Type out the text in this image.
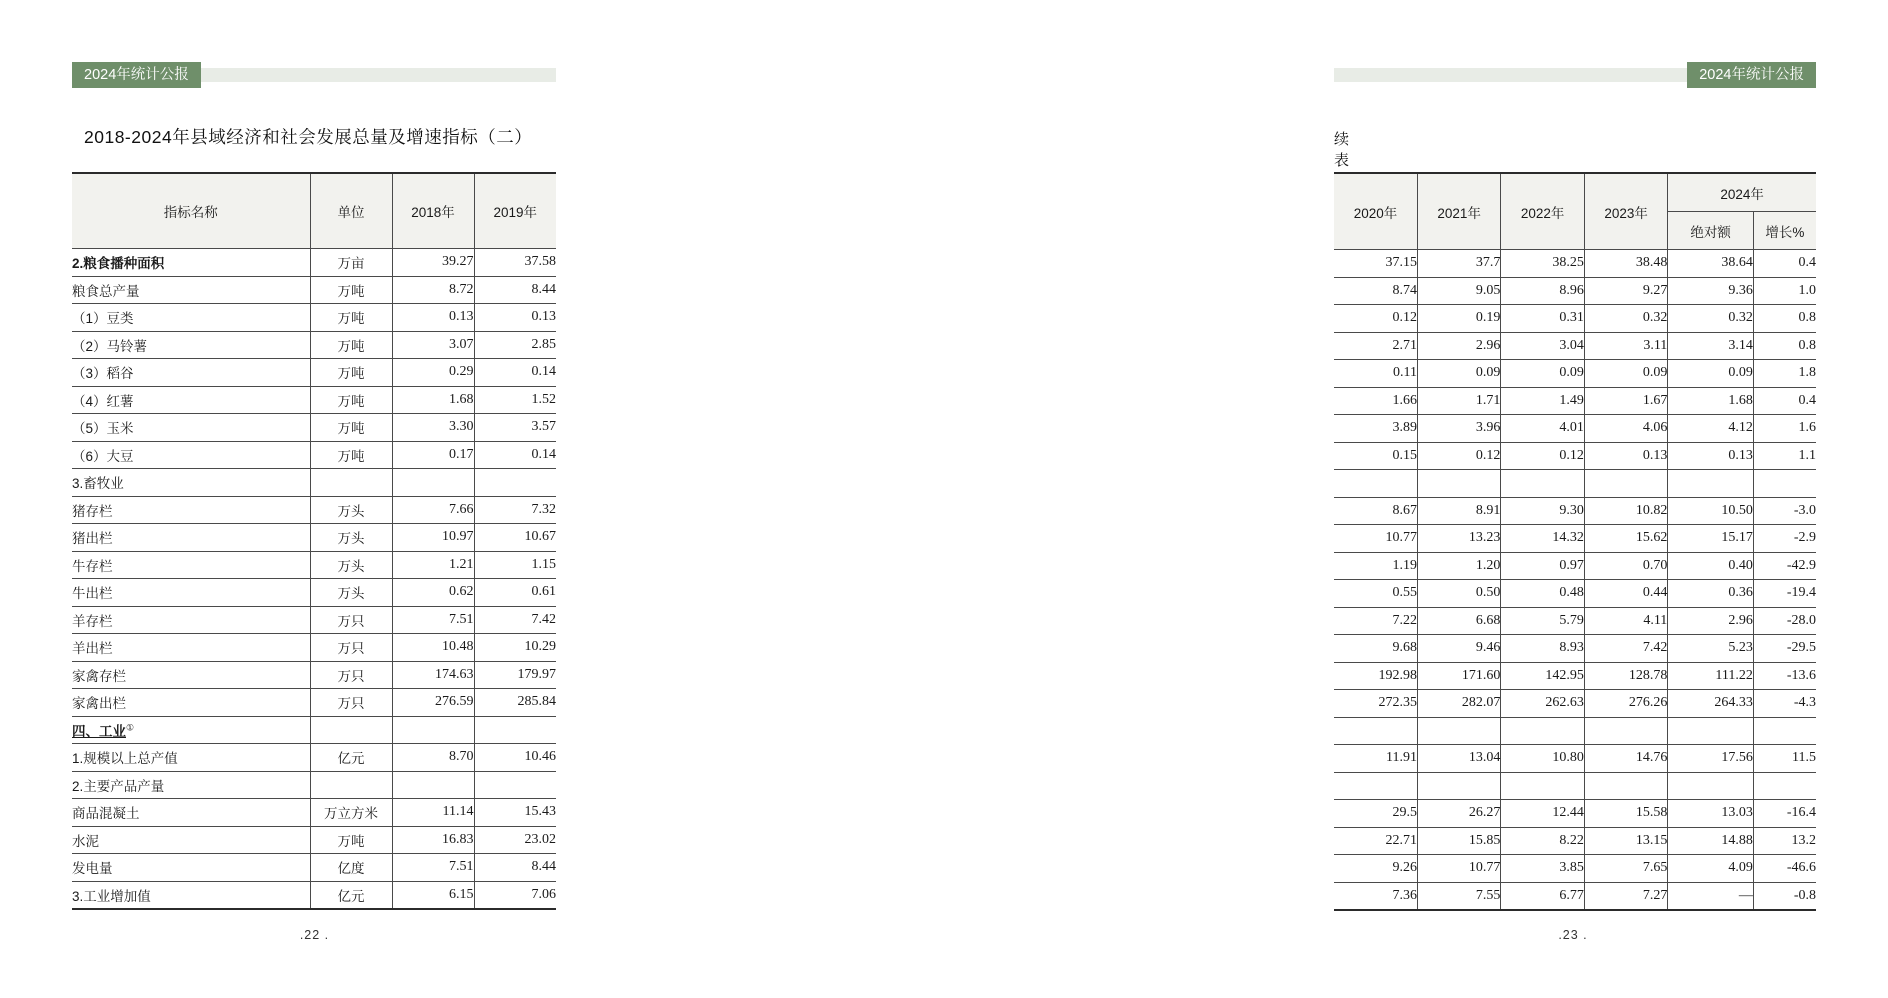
2024年统计公报
2018-2024年县域经济和社会发展总量及增速指标（二）
指标名称	单位	2018年	2019年
2.粮食播种面积	万亩	39.27	37.58
粮食总产量	万吨	8.72	8.44
（1）豆类	万吨	0.13	0.13
（2）马铃薯	万吨	3.07	2.85
（3）稻谷	万吨	0.29	0.14
（4）红薯	万吨	1.68	1.52
（5）玉米	万吨	3.30	3.57
（6）大豆	万吨	0.17	0.14
3.畜牧业			
猪存栏	万头	7.66	7.32
猪出栏	万头	10.97	10.67
牛存栏	万头	1.21	1.15
牛出栏	万头	0.62	0.61
羊存栏	万只	7.51	7.42
羊出栏	万只	10.48	10.29
家禽存栏	万只	174.63	179.97
家禽出栏	万只	276.59	285.84
四、工业①			
1.规模以上总产值	亿元	8.70	10.46
2.主要产品产量			
商品混凝土	万立方米	11.14	15.43
水泥	万吨	16.83	23.02
发电量	亿度	7.51	8.44
3.工业增加值	亿元	6.15	7.06
.22 .
2024年统计公报
续表
2020年	2021年	2022年	2023年	2024年	
				绝对额	增长%
37.15	37.7	38.25	38.48	38.64	0.4
8.74	9.05	8.96	9.27	9.36	1.0
0.12	0.19	0.31	0.32	0.32	0.8
2.71	2.96	3.04	3.11	3.14	0.8
0.11	0.09	0.09	0.09	0.09	1.8
1.66	1.71	1.49	1.67	1.68	0.4
3.89	3.96	4.01	4.06	4.12	1.6
0.15	0.12	0.12	0.13	0.13	1.1

8.67	8.91	9.30	10.82	10.50	-3.0
10.77	13.23	14.32	15.62	15.17	-2.9
1.19	1.20	0.97	0.70	0.40	-42.9
0.55	0.50	0.48	0.44	0.36	-19.4
7.22	6.68	5.79	4.11	2.96	-28.0
9.68	9.46	8.93	7.42	5.23	-29.5
192.98	171.60	142.95	128.78	111.22	-13.6
272.35	282.07	262.63	276.26	264.33	-4.3

11.91	13.04	10.80	14.76	17.56	11.5

29.5	26.27	12.44	15.58	13.03	-16.4
22.71	15.85	8.22	13.15	14.88	13.2
9.26	10.77	3.85	7.65	4.09	-46.6
7.36	7.55	6.77	7.27	—	-0.8
.23 .
